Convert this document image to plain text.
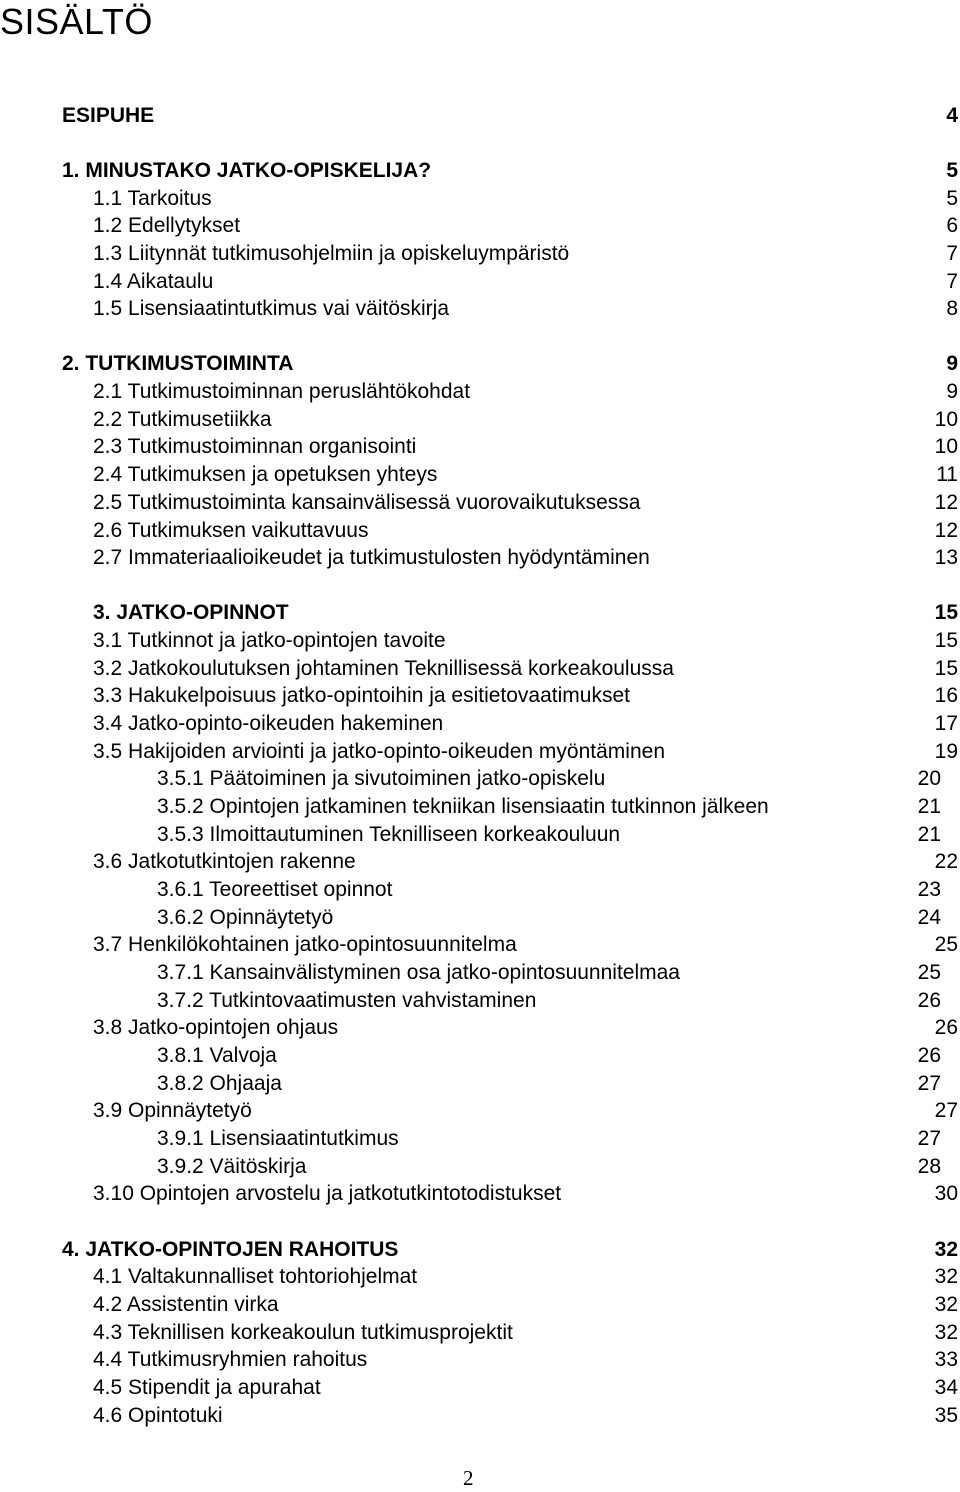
SISÄLTÖ
ESIPUHE	4
1. MINUSTAKO JATKO-OPISKELIJA?	5
1.1 Tarkoitus	5
1.2 Edellytykset	6
1.3 Liitynnät tutkimusohjelmiin ja opiskeluympäristö	7
1.4 Aikataulu	7
1.5 Lisensiaatintutkimus vai väitöskirja	8
2. TUTKIMUSTOIMINTA	9
2.1 Tutkimustoiminnan peruslähtökohdat	9
2.2 Tutkimusetiikka	10
2.3 Tutkimustoiminnan organisointi	10
2.4 Tutkimuksen ja opetuksen yhteys	11
2.5 Tutkimustoiminta kansainvälisessä vuorovaikutuksessa	12
2.6 Tutkimuksen vaikuttavuus	12
2.7 Immateriaalioikeudet ja tutkimustulosten hyödyntäminen	13
3. JATKO-OPINNOT	15
3.1 Tutkinnot ja jatko-opintojen tavoite	15
3.2 Jatkokoulutuksen johtaminen Teknillisessä korkeakoulussa	15
3.3 Hakukelpoisuus jatko-opintoihin ja esitietovaatimukset	16
3.4 Jatko-opinto-oikeuden hakeminen	17
3.5 Hakijoiden arviointi ja jatko-opinto-oikeuden myöntäminen	19
3.5.1 Päätoiminen ja sivutoiminen jatko-opiskelu	20
3.5.2 Opintojen jatkaminen tekniikan lisensiaatin tutkinnon jälkeen	21
3.5.3 Ilmoittautuminen Teknilliseen korkeakouluun	21
3.6 Jatkotutkintojen rakenne	22
3.6.1 Teoreettiset opinnot	23
3.6.2 Opinnäytetyö	24
3.7 Henkilökohtainen jatko-opintosuunnitelma	25
3.7.1 Kansainvälistyminen osa jatko-opintosuunnitelmaa	25
3.7.2 Tutkintovaatimusten vahvistaminen	26
3.8 Jatko-opintojen ohjaus	26
3.8.1 Valvoja	26
3.8.2 Ohjaaja	27
3.9 Opinnäytetyö	27
3.9.1 Lisensiaatintutkimus	27
3.9.2 Väitöskirja	28
3.10 Opintojen arvostelu ja jatkotutkintotodistukset	30
4. JATKO-OPINTOJEN RAHOITUS	32
4.1 Valtakunnalliset tohtoriohjelmat	32
4.2 Assistentin virka	32
4.3 Teknillisen korkeakoulun tutkimusprojektit	32
4.4 Tutkimusryhmien rahoitus	33
4.5 Stipendit ja apurahat	34
4.6 Opintotuki	35
2
